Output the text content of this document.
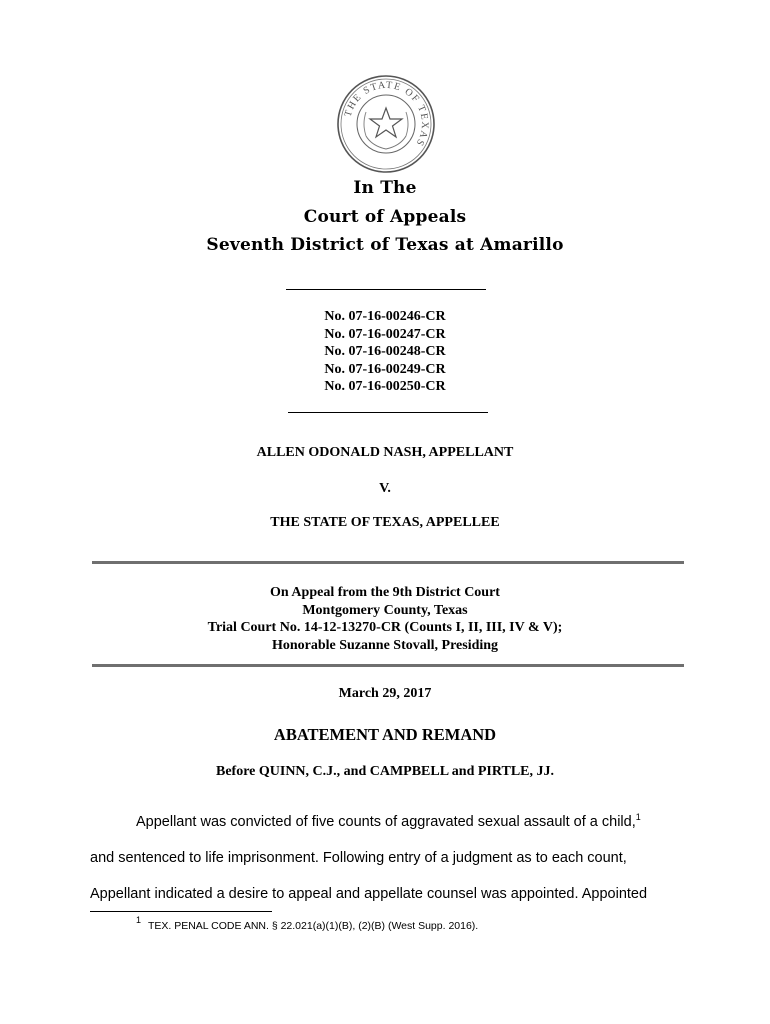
THE STATE OF TEXAS
In The
Court of Appeals
Seventh District of Texas at Amarillo
No. 07-16-00246-CR
No. 07-16-00247-CR
No. 07-16-00248-CR
No. 07-16-00249-CR
No. 07-16-00250-CR
ALLEN ODONALD NASH, APPELLANT
V.
THE STATE OF TEXAS, APPELLEE
On Appeal from the 9th District Court
Montgomery County, Texas
Trial Court No. 14-12-13270-CR (Counts I, II, III, IV & V);
Honorable Suzanne Stovall, Presiding
March 29, 2017
ABATEMENT AND REMAND
Before QUINN, C.J., and CAMPBELL and PIRTLE, JJ.
Appellant was convicted of five counts of aggravated sexual assault of a child,$^1$
and sentenced to life imprisonment. Following entry of a judgment as to each count,
Appellant indicated a desire to appeal and appellate counsel was appointed. Appointed
$^1$ TEX. PENAL CODE ANN. § 22.021(a)(1)(B), (2)(B) (West Supp. 2016).
